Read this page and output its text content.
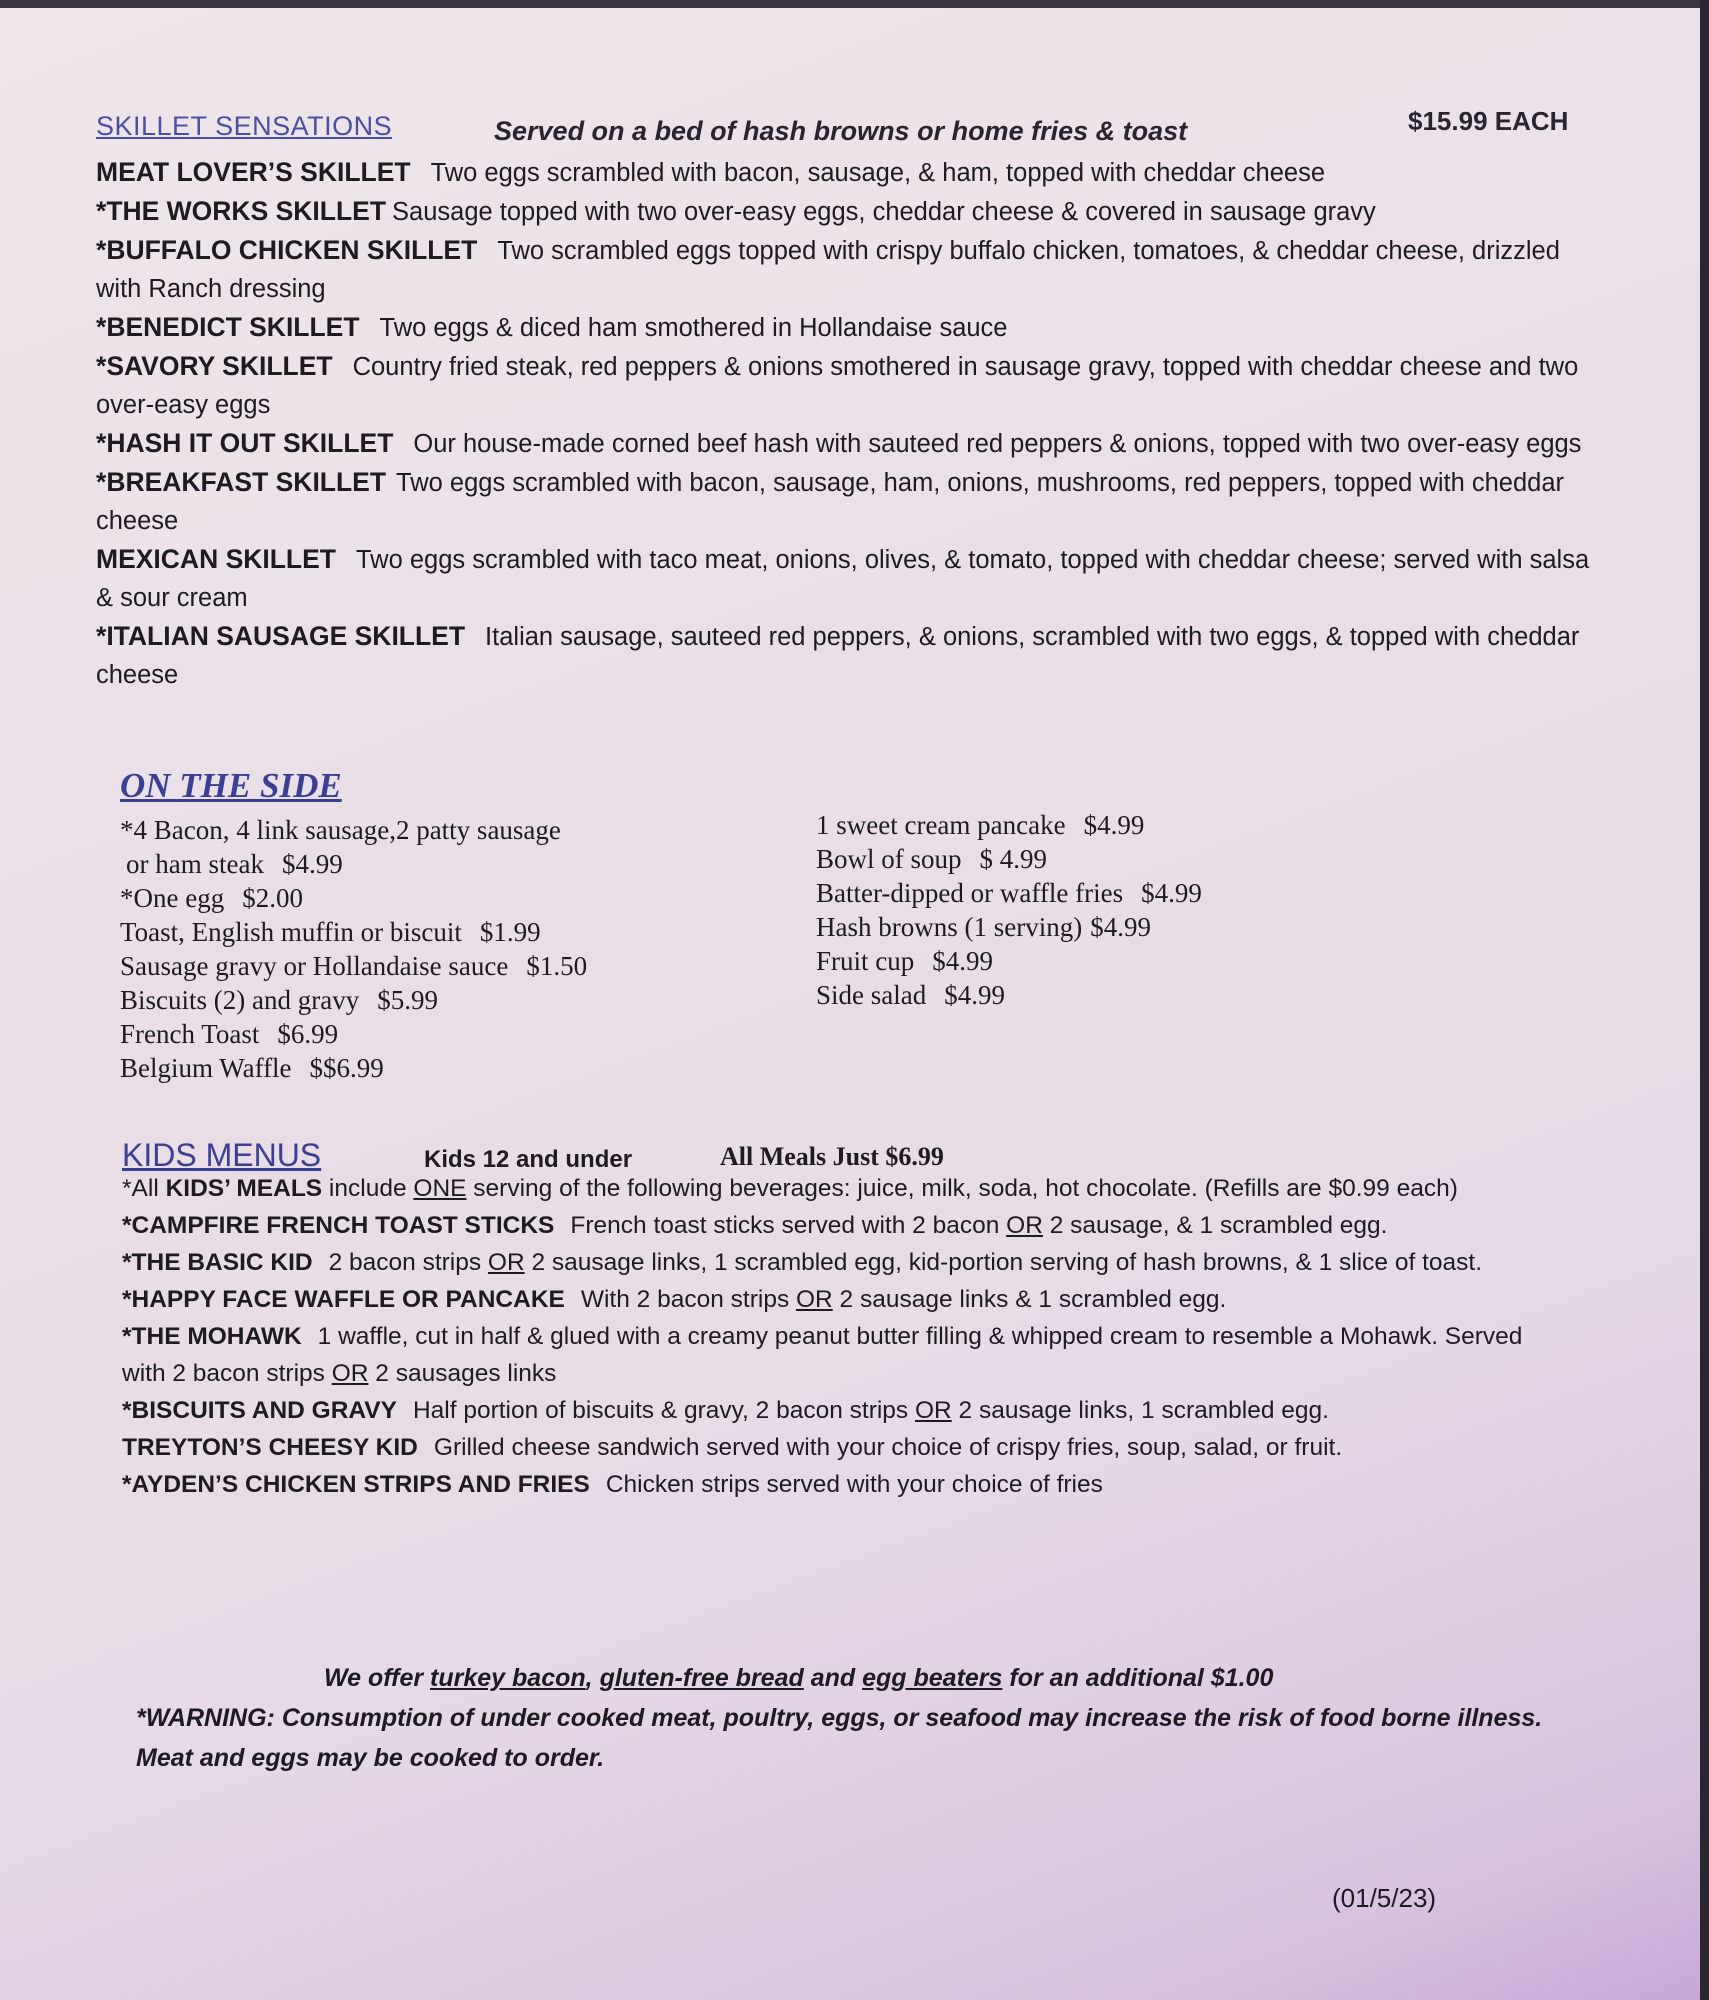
SKILLET SENSATIONS	Served on a bed of hash browns or home fries & toast	$15.99 EACH

MEAT LOVER’S SKILLET Two eggs scrambled with bacon, sausage, & ham, topped with cheddar cheese

*THE WORKS SKILLET Sausage topped with two over-easy eggs, cheddar cheese & covered in sausage gravy

*BUFFALO CHICKEN SKILLET Two scrambled eggs topped with crispy buffalo chicken, tomatoes, & cheddar cheese, drizzled with Ranch dressing

*BENEDICT SKILLET Two eggs & diced ham smothered in Hollandaise sauce

*SAVORY SKILLET Country fried steak, red peppers & onions smothered in sausage gravy, topped with cheddar cheese and two over-easy eggs

*HASH IT OUT SKILLET Our house-made corned beef hash with sauteed red peppers & onions, topped with two over-easy eggs

*BREAKFAST SKILLET Two eggs scrambled with bacon, sausage, ham, onions, mushrooms, red peppers, topped with cheddar cheese

MEXICAN SKILLET Two eggs scrambled with taco meat, onions, olives, & tomato, topped with cheddar cheese; served with salsa & sour cream

*ITALIAN SAUSAGE SKILLET Italian sausage, sauteed red peppers, & onions, scrambled with two eggs, & topped with cheddar cheese

ON THE SIDE
*4 Bacon, 4 link sausage,2 patty sausage
or ham steak $4.99
*One egg $2.00
Toast, English muffin or biscuit $1.99
Sausage gravy or Hollandaise sauce $1.50
Biscuits (2) and gravy $5.99
French Toast $6.99
Belgium Waffle $$6.99
1 sweet cream pancake $4.99
Bowl of soup $ 4.99
Batter-dipped or waffle fries $4.99
Hash browns (1 serving) $4.99
Fruit cup $4.99
Side salad $4.99
KIDS MENUS	Kids 12 and under	All Meals Just $6.99

*All KIDS’ MEALS include ONE serving of the following beverages: juice, milk, soda, hot chocolate. (Refills are $0.99 each)

*CAMPFIRE FRENCH TOAST STICKS French toast sticks served with 2 bacon OR 2 sausage, & 1 scrambled egg.

*THE BASIC KID 2 bacon strips OR 2 sausage links, 1 scrambled egg, kid-portion serving of hash browns, & 1 slice of toast.

*HAPPY FACE WAFFLE OR PANCAKE With 2 bacon strips OR 2 sausage links & 1 scrambled egg.

*THE MOHAWK 1 waffle, cut in half & glued with a creamy peanut butter filling & whipped cream to resemble a Mohawk. Served with 2 bacon strips OR 2 sausages links

*BISCUITS AND GRAVY Half portion of biscuits & gravy, 2 bacon strips OR 2 sausage links, 1 scrambled egg.

TREYTON’S CHEESY KID Grilled cheese sandwich served with your choice of crispy fries, soup, salad, or fruit.

*AYDEN’S CHICKEN STRIPS AND FRIES Chicken strips served with your choice of fries

We offer turkey bacon, gluten-free bread and egg beaters for an additional $1.00
*WARNING: Consumption of under cooked meat, poultry, eggs, or seafood may increase the risk of food borne illness. Meat and eggs may be cooked to order.
(01/5/23)
